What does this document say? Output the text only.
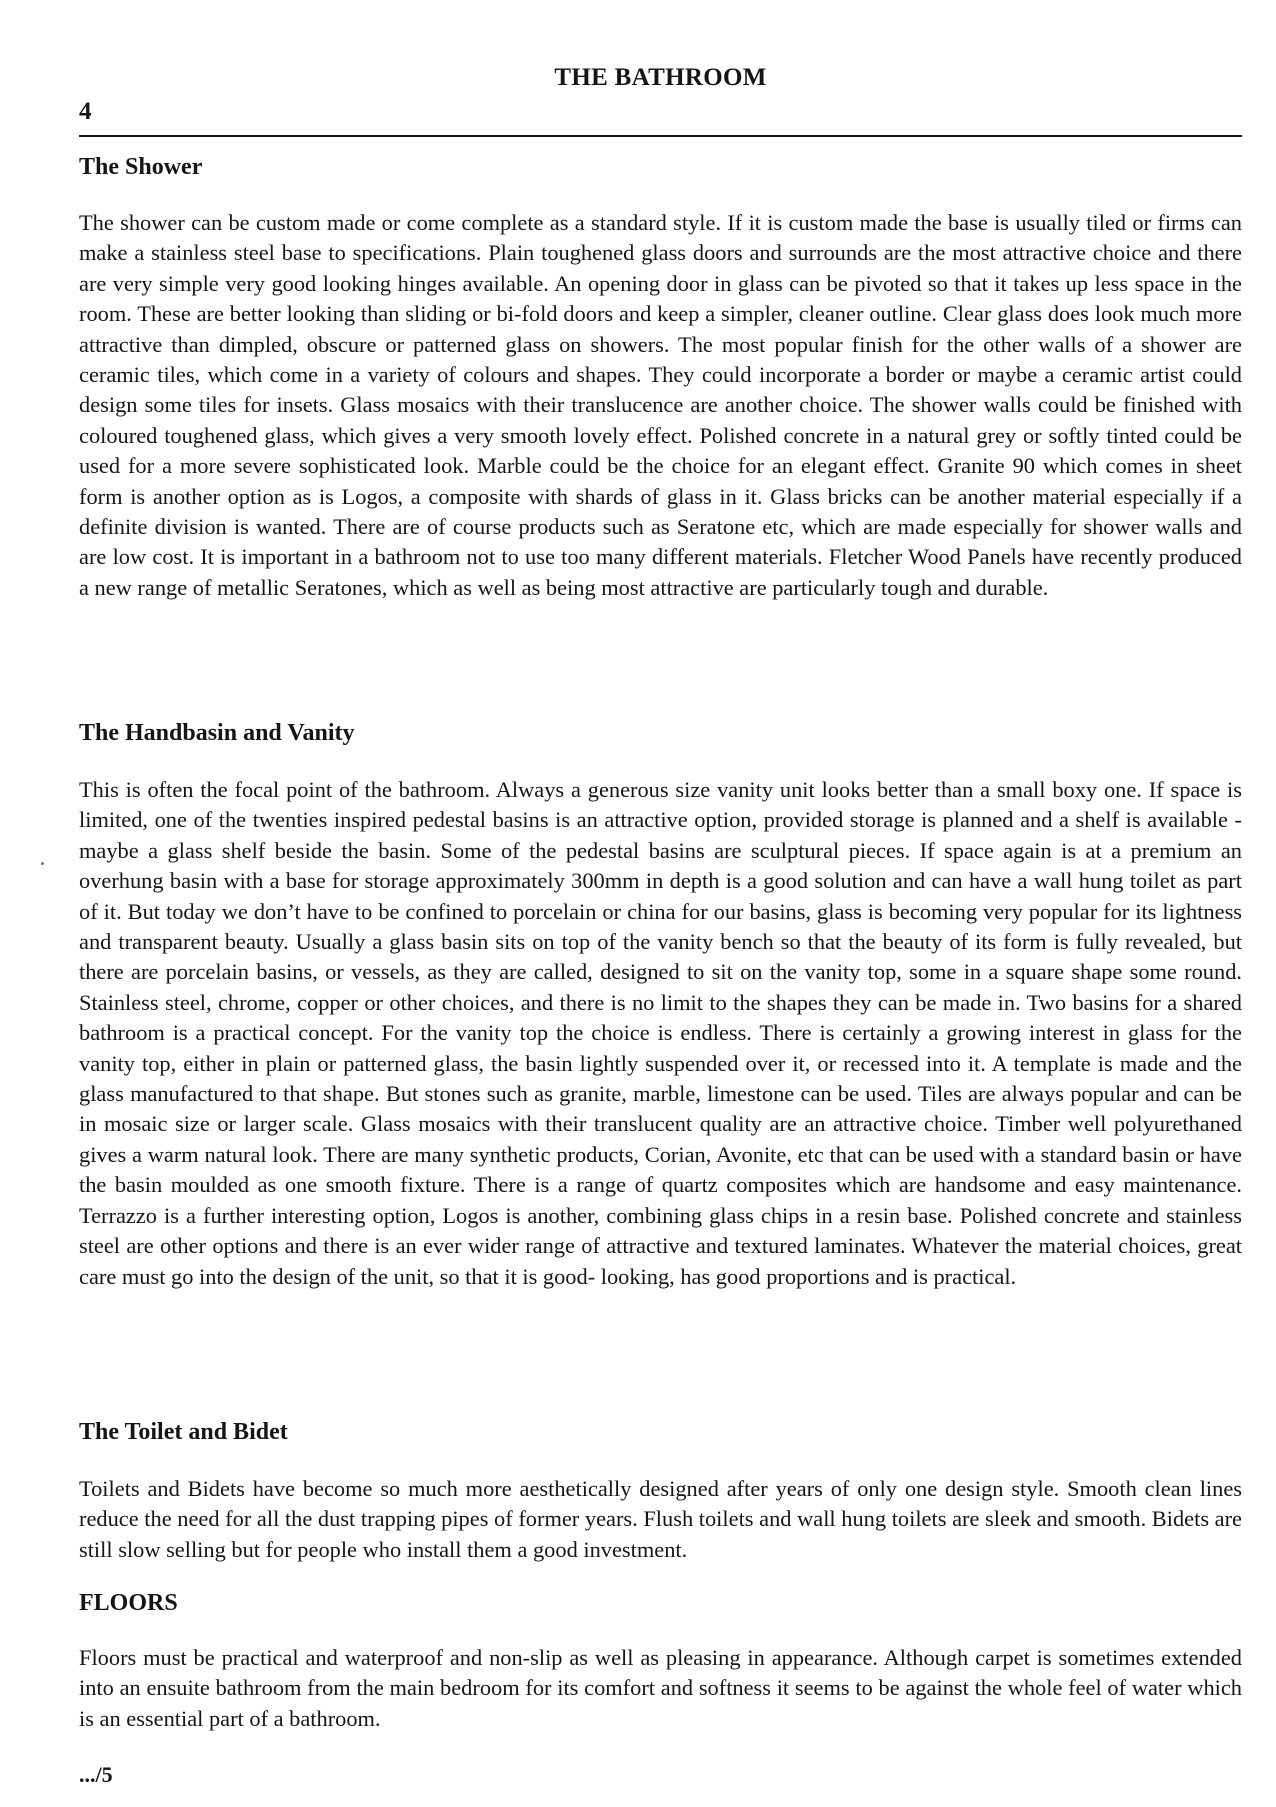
THE BATHROOM
4
The Shower

The shower can be custom made or come complete as a standard style. If it is custom made the base is usually tiled or firms can make a stainless steel base to specifications. Plain toughened glass doors and surrounds are the most attractive choice and there are very simple very good looking hinges available. An opening door in glass can be pivoted so that it takes up less space in the room. These are better looking than sliding or bi-fold doors and keep a simpler, cleaner outline. Clear glass does look much more attractive than dimpled, obscure or patterned glass on showers. The most popular finish for the other walls of a shower are ceramic tiles, which come in a variety of colours and shapes. They could incorporate a border or maybe a ceramic artist could design some tiles for insets. Glass mosaics with their translucence are another choice. The shower walls could be finished with coloured toughened glass, which gives a very smooth lovely effect. Polished concrete in a natural grey or softly tinted could be used for a more severe sophisticated look. Marble could be the choice for an elegant effect. Granite 90 which comes in sheet form is another option as is Logos, a composite with shards of glass in it. Glass bricks can be another material especially if a definite division is wanted. There are of course products such as Seratone etc, which are made especially for shower walls and are low cost. It is important in a bathroom not to use too many different materials. Fletcher Wood Panels have recently produced a new range of metallic Seratones, which as well as being most attractive are particularly tough and durable.

The Handbasin and Vanity

This is often the focal point of the bathroom. Always a generous size vanity unit looks better than a small boxy one. If space is limited, one of the twenties inspired pedestal basins is an attractive option, provided storage is planned and a shelf is available - maybe a glass shelf beside the basin. Some of the pedestal basins are sculptural pieces. If space again is at a premium an overhung basin with a base for storage approximately 300mm in depth is a good solution and can have a wall hung toilet as part of it. But today we don’t have to be confined to porcelain or china for our basins, glass is becoming very popular for its lightness and transparent beauty. Usually a glass basin sits on top of the vanity bench so that the beauty of its form is fully revealed, but there are porcelain basins, or vessels, as they are called, designed to sit on the vanity top, some in a square shape some round. Stainless steel, chrome, copper or other choices, and there is no limit to the shapes they can be made in. Two basins for a shared bathroom is a practical concept. For the vanity top the choice is endless. There is certainly a growing interest in glass for the vanity top, either in plain or patterned glass, the basin lightly suspended over it, or recessed into it. A template is made and the glass manufactured to that shape. But stones such as granite, marble, limestone can be used. Tiles are always popular and can be in mosaic size or larger scale. Glass mosaics with their translucent quality are an attractive choice. Timber well polyurethaned gives a warm natural look. There are many synthetic products, Corian, Avonite, etc that can be used with a standard basin or have the basin moulded as one smooth fixture. There is a range of quartz composites which are handsome and easy maintenance. Terrazzo is a further interesting option, Logos is another, combining glass chips in a resin base. Polished concrete and stainless steel are other options and there is an ever wider range of attractive and textured laminates. Whatever the material choices, great care must go into the design of the unit, so that it is good- looking, has good proportions and is practical.

The Toilet and Bidet

Toilets and Bidets have become so much more aesthetically designed after years of only one design style. Smooth clean lines reduce the need for all the dust trapping pipes of former years. Flush toilets and wall hung toilets are sleek and smooth. Bidets are still slow selling but for people who install them a good investment.

FLOORS

Floors must be practical and waterproof and non-slip as well as pleasing in appearance. Although carpet is sometimes extended into an ensuite bathroom from the main bedroom for its comfort and softness it seems to be against the whole feel of water which is an essential part of a bathroom.

.../5
